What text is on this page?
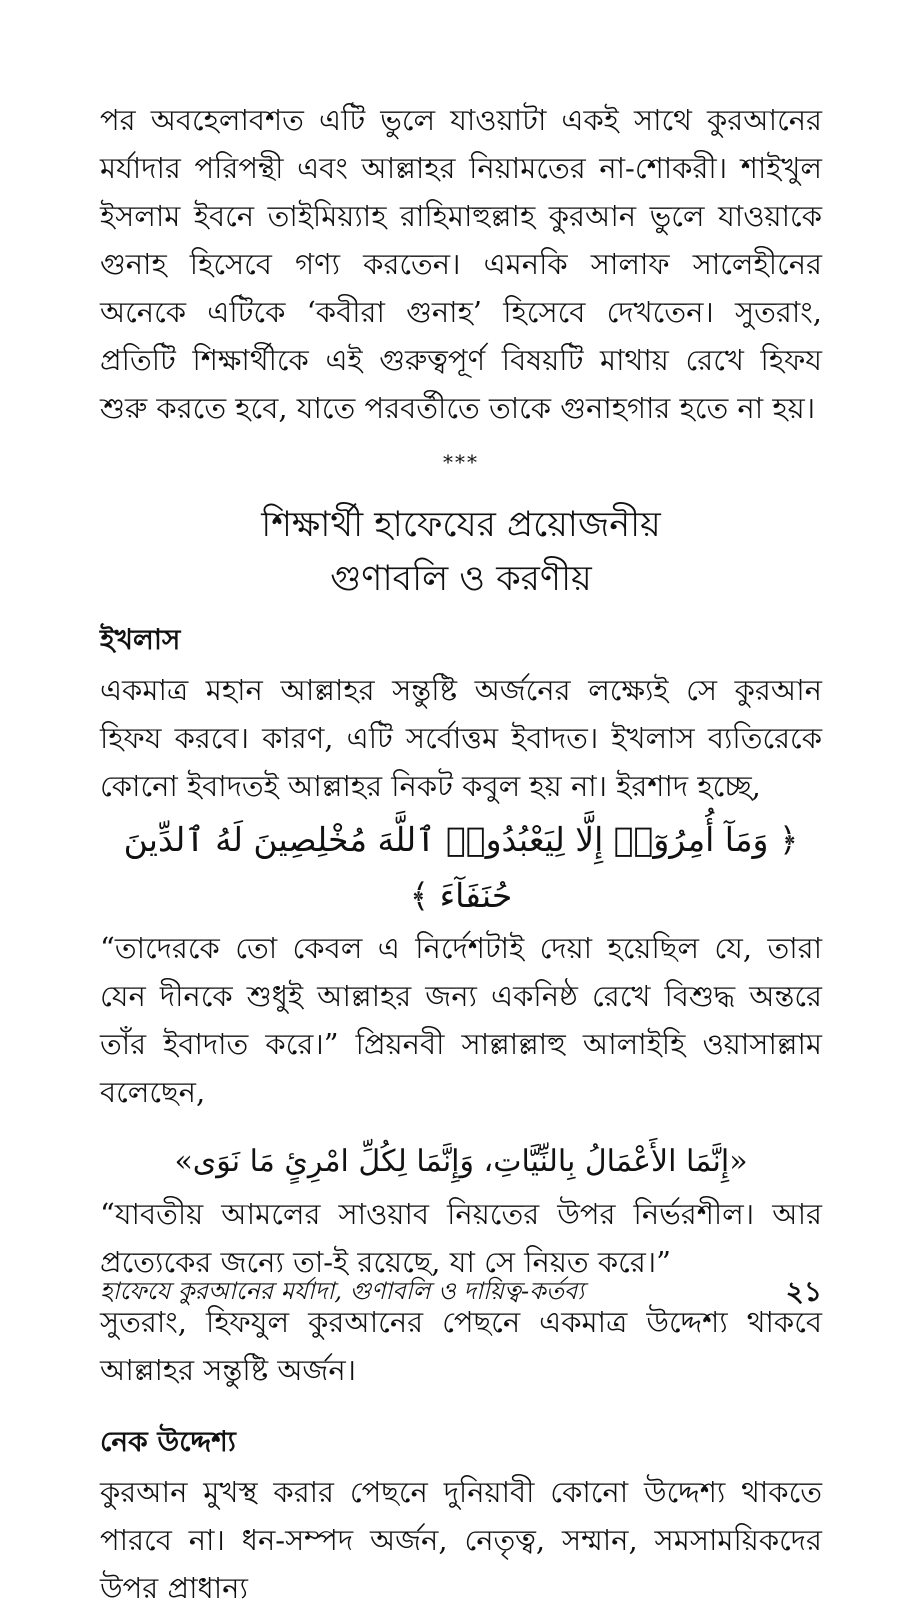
পর অবহেলাবশত এটি ভুলে যাওয়াটা একই সাথে কুরআনের মর্যাদার পরিপন্থী এবং আল্লাহর নিয়ামতের না-শোকরী। শাইখুল ইসলাম ইবনে তাইমিয়্যাহ রাহিমাহুল্লাহ কুরআন ভুলে যাওয়াকে গুনাহ হিসেবে গণ্য করতেন। এমনকি সালাফ সালেহীনের অনেকে এটিকে ‘কবীরা গুনাহ’ হিসেবে দেখতেন। সুতরাং, প্রতিটি শিক্ষার্থীকে এই গুরুত্বপূর্ণ বিষয়টি মাথায় রেখে হিফয শুরু করতে হবে, যাতে পরবর্তীতে তাকে গুনাহগার হতে না হয়।

***
শিক্ষার্থী হাফেযের প্রয়োজনীয়
গুণাবলি ও করণীয়
ইখলাস

একমাত্র মহান আল্লাহর সন্তুষ্টি অর্জনের লক্ষ্যেই সে কুরআন হিফয করবে। কারণ, এটি সর্বোত্তম ইবাদত। ইখলাস ব্যতিরেকে কোনো ইবাদতই আল্লাহর নিকট কবুল হয় না। ইরশাদ হচ্ছে,

﴿ وَمَآ أُمِرُوٓا۟ إِلَّا لِيَعْبُدُوا۟ ٱللَّهَ مُخْلِصِينَ لَهُ ٱلدِّينَ حُنَفَآءَ ﴾

“তাদেরকে তো কেবল এ নির্দেশটাই দেয়া হয়েছিল যে, তারা যেন দীনকে শুধুই আল্লাহর জন্য একনিষ্ঠ রেখে বিশুদ্ধ অন্তরে তাঁর ইবাদাত করে।” প্রিয়নবী সাল্লাল্লাহু আলাইহি ওয়াসাল্লাম বলেছেন,

«إِنَّمَا الأَعْمَالُ بِالنِّيَّاتِ، وَإِنَّمَا لِكُلِّ امْرِئٍ مَا نَوَى»

“যাবতীয় আমলের সাওয়াব নিয়তের উপর নির্ভরশীল। আর প্রত্যেকের জন্যে তা-ই রয়েছে, যা সে নিয়ত করে।”

সুতরাং, হিফযুল কুরআনের পেছনে একমাত্র উদ্দেশ্য থাকবে আল্লাহর সন্তুষ্টি অর্জন।

নেক উদ্দেশ্য

কুরআন মুখস্থ করার পেছনে দুনিয়াবী কোনো উদ্দেশ্য থাকতে পারবে না। ধন-সম্পদ অর্জন, নেতৃত্ব, সম্মান, সমসাময়িকদের উপর প্রাধান্য

হাফেযে কুরআনের মর্যাদা, গুণাবলি ও দায়িত্ব-কর্তব্য	২১
